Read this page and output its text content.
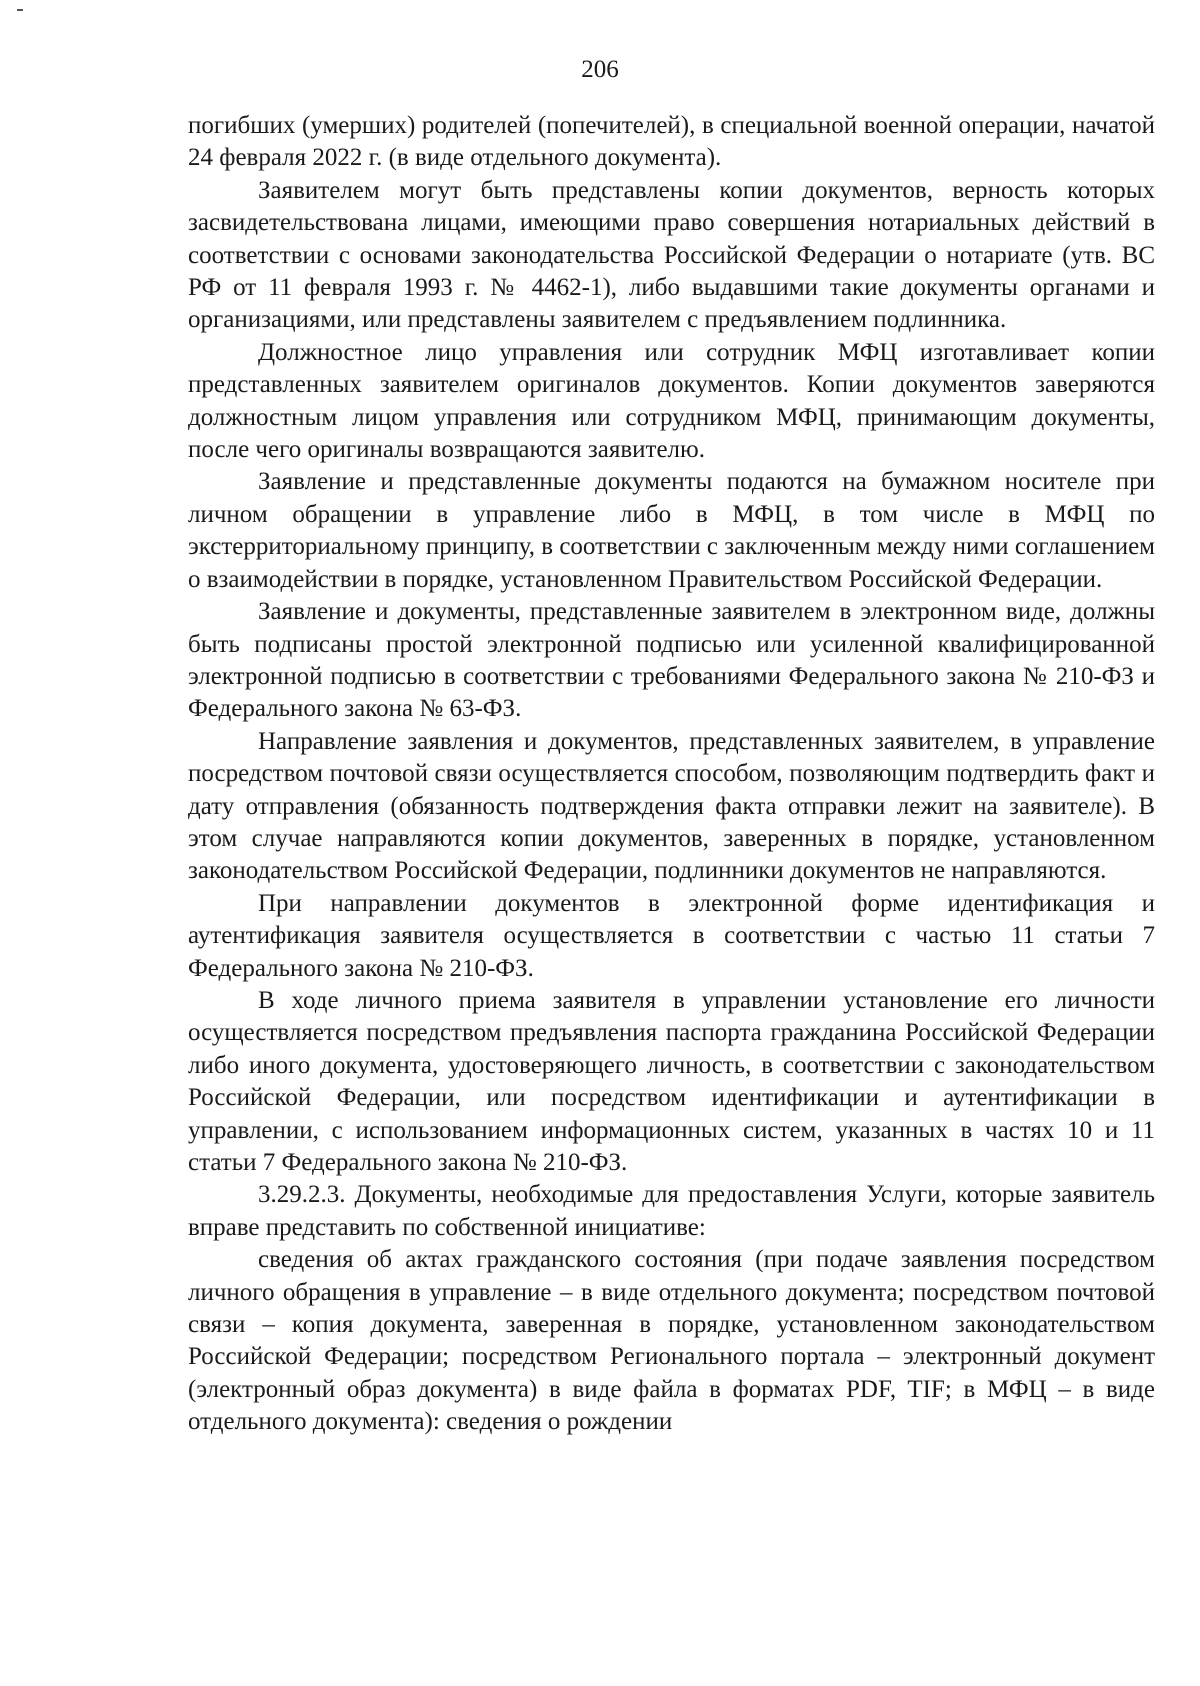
206

погибших (умерших) родителей (попечителей), в специальной военной операции, начатой 24 февраля 2022 г. (в виде отдельного документа).

Заявителем могут быть представлены копии документов, верность которых засвидетельствована лицами, имеющими право совершения нотариальных действий в соответствии с основами законодательства Российской Федерации о нотариате (утв. ВС РФ от 11 февраля 1993 г. № 4462-1), либо выдавшими такие документы органами и организациями, или представлены заявителем с предъявлением подлинника.

Должностное лицо управления или сотрудник МФЦ изготавливает копии представленных заявителем оригиналов документов. Копии документов заверяются должностным лицом управления или сотрудником МФЦ, принимающим документы, после чего оригиналы возвращаются заявителю.

Заявление и представленные документы подаются на бумажном носителе при личном обращении в управление либо в МФЦ, в том числе в МФЦ по экстерриториальному принципу, в соответствии с заключенным между ними соглашением о взаимодействии в порядке, установленном Правительством Российской Федерации.

Заявление и документы, представленные заявителем в электронном виде, должны быть подписаны простой электронной подписью или усиленной квалифицированной электронной подписью в соответствии с требованиями Федерального закона № 210-ФЗ и Федерального закона № 63-ФЗ.

Направление заявления и документов, представленных заявителем, в управление посредством почтовой связи осуществляется способом, позволяющим подтвердить факт и дату отправления (обязанность подтверждения факта отправки лежит на заявителе). В этом случае направляются копии документов, заверенных в порядке, установленном законодательством Российской Федерации, подлинники документов не направляются.

При направлении документов в электронной форме идентификация и аутентификация заявителя осуществляется в соответствии с частью 11 статьи 7 Федерального закона № 210-ФЗ.

В ходе личного приема заявителя в управлении установление его личности осуществляется посредством предъявления паспорта гражданина Российской Федерации либо иного документа, удостоверяющего личность, в соответствии с законодательством Российской Федерации, или посредством идентификации и аутентификации в управлении, с использованием информационных систем, указанных в частях 10 и 11 статьи 7 Федерального закона № 210-ФЗ.

3.29.2.3. Документы, необходимые для предоставления Услуги, которые заявитель вправе представить по собственной инициативе:

сведения об актах гражданского состояния (при подаче заявления посредством личного обращения в управление – в виде отдельного документа; посредством почтовой связи – копия документа, заверенная в порядке, установленном законодательством Российской Федерации; посредством Регионального портала – электронный документ (электронный образ документа) в виде файла в форматах PDF, TIF; в МФЦ – в виде отдельного документа): сведения о рождении
